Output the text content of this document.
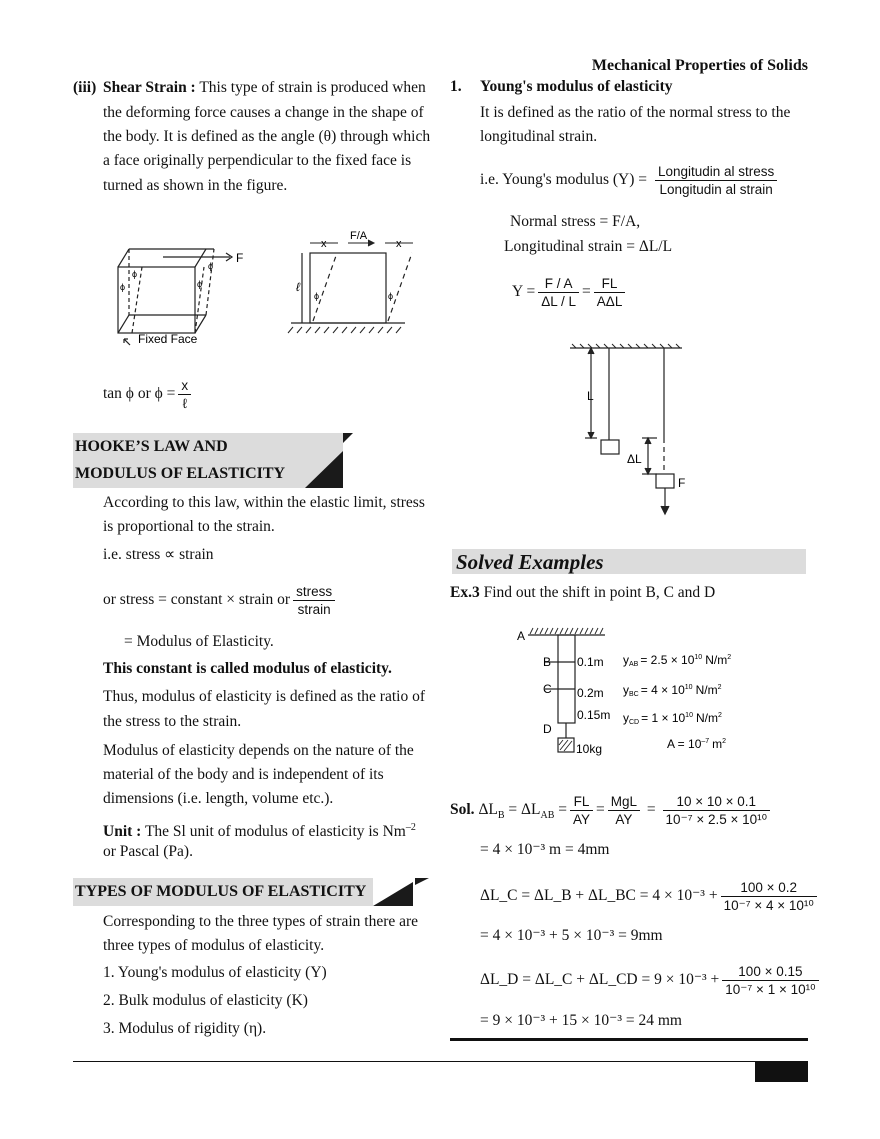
Mechanical Properties of Solids
(iii) Shear Strain : This type of strain is produced when
the deforming force causes a change in the shape of
the body. It is defined as the angle (θ) through which
a face originally perpendicular to the fixed face is
turned as shown in the figure.
F
Fixed Face
ϕ
ϕ
ϕ
ϕ
F/A
x	x
ℓ
ϕ	ϕ
tan ϕ or $\phi = \frac{x}{\text{ℓ}}$
HOOKE’S LAW AND
MODULUS OF ELASTICITY
According to this law, within the elastic limit, stress
is proportional to the strain.
i.e. stress ∝ strain
or stress = constant × strain or $\frac{\text{stress}}{\text{strain}}$
= Modulus of Elasticity.
This constant is called modulus of elasticity.
Thus, modulus of elasticity is defined as the ratio of
the stress to the strain.
Modulus of elasticity depends on the nature of the
material of the body and is independent of its
dimensions (i.e. length, volume etc.).
Unit : The Sl unit of modulus of elasticity is $Nm^{-2}$
or Pascal (Pa).
TYPES OF MODULUS OF ELASTICITY
Corresponding to the three types of strain there are
three types of modulus of elasticity.
1. Young's modulus of elasticity (Y)
2. Bulk modulus of elasticity (K)
3. Modulus of rigidity (η).
1. Young's modulus of elasticity
It is defined as the ratio of the normal stress to the
longitudinal strain.
i.e. Young's modulus $(Y) = \frac{\text{Longitudin al stress}}{\text{Longitudin al strain}}$
Normal stress = F/A,
Longitudinal strain = ΔL/L
$Y = \frac{F / A}{\Delta L / L} = \frac{FL}{\text{AΔL}}$
L
ΔL
F
Solved Examples
Ex.3 Find out the shift in point B, C and D
A
B
C
D
0.1m
0.2m
0.15m
10kg
yAB = $2.5 \times 10^{10}$ $N/m^2$
yBC = $4 \times 10^{10}$ $N/m^2$
yCD = $1 \times 10^{10}$ $N/m^2$
$A = 10^{-7}$ $m^2$
Sol. $\Delta L_B = \Delta L_{AB} = \frac{FL}{AY} = \frac{\text{MgL}}{AY} = \frac{10 \times 10 \times 0.1}{\text{10⁻⁷ × 2.5 × 10¹⁰}}$
= 4 × 10⁻³ m = 4mm
ΔL_C = ΔL_B + ΔL_BC = $4 \times 10^{-3} + \frac{100 \times 0.2}{\text{10⁻⁷ × 4 × 10¹⁰}}$
= 4 × 10⁻³ + 5 × 10⁻³ = 9mm
ΔL_D = ΔL_C + ΔL_CD = $9 \times 10^{-3} + \frac{100 \times 0.15}{\text{10⁻⁷ × 1 × 10¹⁰}}$
= 9 × 10⁻³ + 15 × 10⁻³ = 24 mm
